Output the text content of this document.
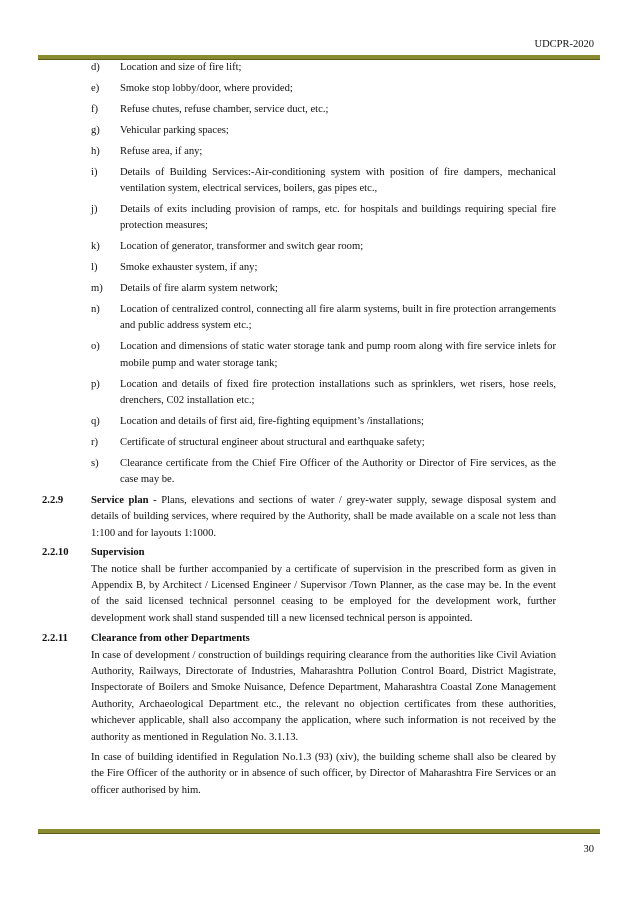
UDCPR-2020
d)	Location and size of fire lift;
e)	Smoke stop lobby/door, where provided;
f)	Refuse chutes, refuse chamber, service duct, etc.;
g)	Vehicular parking spaces;
h)	Refuse area, if any;
i)	Details of Building Services:-Air-conditioning system with position of fire dampers, mechanical ventilation system, electrical services, boilers, gas pipes etc.,
j)	Details of exits including provision of ramps, etc. for hospitals and buildings requiring special fire protection measures;
k)	Location of generator, transformer and switch gear room;
l)	Smoke exhauster system, if any;
m)	Details of fire alarm system network;
n)	Location of centralized control, connecting all fire alarm systems, built in fire protection arrangements and public address system etc.;
o)	Location and dimensions of static water storage tank and pump room along with fire service inlets for mobile pump and water storage tank;
p)	Location and details of fixed fire protection installations such as sprinklers, wet risers, hose reels, drenchers, C02 installation etc.;
q)	Location and details of first aid, fire-fighting equipment’s /installations;
r)	Certificate of structural engineer about structural and earthquake safety;
s)	Clearance certificate from the Chief Fire Officer of the Authority or Director of Fire services, as the case may be.
2.2.9	Service plan - Plans, elevations and sections of water / grey-water supply, sewage disposal system and details of building services, where required by the Authority, shall be made available on a scale not less than 1:100 and for layouts 1:1000.
2.2.10	Supervision
The notice shall be further accompanied by a certificate of supervision in the prescribed form as given in Appendix B, by Architect / Licensed Engineer / Supervisor /Town Planner, as the case may be. In the event of the said licensed technical personnel ceasing to be employed for the development work, further development work shall stand suspended till a new licensed technical person is appointed.
2.2.11	Clearance from other Departments
In case of development / construction of buildings requiring clearance from the authorities like Civil Aviation Authority, Railways, Directorate of Industries, Maharashtra Pollution Control Board, District Magistrate, Inspectorate of Boilers and Smoke Nuisance, Defence Department, Maharashtra Coastal Zone Management Authority, Archaeological Department etc., the relevant no objection certificates from these authorities, whichever applicable, shall also accompany the application, where such information is not received by the authority as mentioned in Regulation No. 3.1.13.
In case of building identified in Regulation No.1.3 (93) (xiv), the building scheme shall also be cleared by the Fire Officer of the authority or in absence of such officer, by Director of Maharashtra Fire Services or an officer authorised by him.
30
